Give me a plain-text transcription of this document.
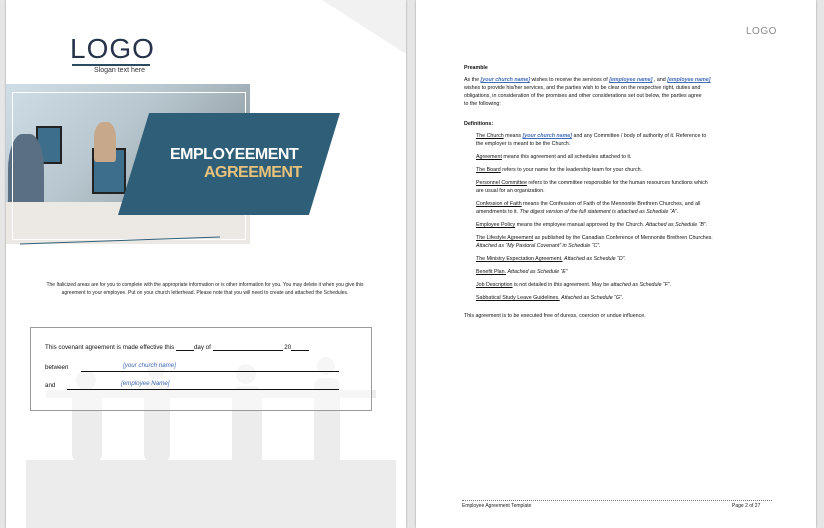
LOGO
Slogan text here
EMPLOYEEMENT
AGREEMENT
The Italicized areas are for you to complete with the appropriate information or is other information for you. You may delete it when you give this agreement to your employee. Put on your church letterhead. Please note that you will need to create and attached the Schedules.
This covenant agreement is made effective this	day of	20
between	[your church name]
and	[employee Name]
LOGO
Preamble
As the [your church name] wishes to receive the services of [employee name] , and [employee name]
wishes to provide his/her services, and the parties wish to be clear on the respective right, duties and
obligations, in consideration of the promises and other considerations set out below, the parties agree
to the following:
Definitions:
The Church means [your church name] and any Committee / body of authority of it. Reference to
the employer is meant to be the Church.
Agreement means this agreement and all schedules attached to it.
The Board refers to your name for the leadership team for your church.
Personnel Committee refers to the committee responsible for the human resources functions which
are usual for an organization.
Confession of Faith means the Confession of Faith of the Mennonite Brethren Churches, and all
amendments to it. The digest version of the full statement is attached as Schedule “A”.
Employee Policy means the employee manual approved by the Church. Attached as Schedule “B”.
The Lifestyle Agreement as published by the Canadian Conference of Mennonite Brethren Churches.
Attached as “My Pastoral Covenant” in Schedule “C”.
The Ministry Expectation Agreement. Attached as Schedule “D”.
Benefit Plan. Attached as Schedule “E”
Job Description is not detailed in this agreement. May be attached as Schedule “F”.
Sabbatical Study Leave Guidelines. Attached as Schedule “G”.
This agreement is to be executed free of duress, coercion or undue influence.
Employee Agreement Template	Page 2 of 27
